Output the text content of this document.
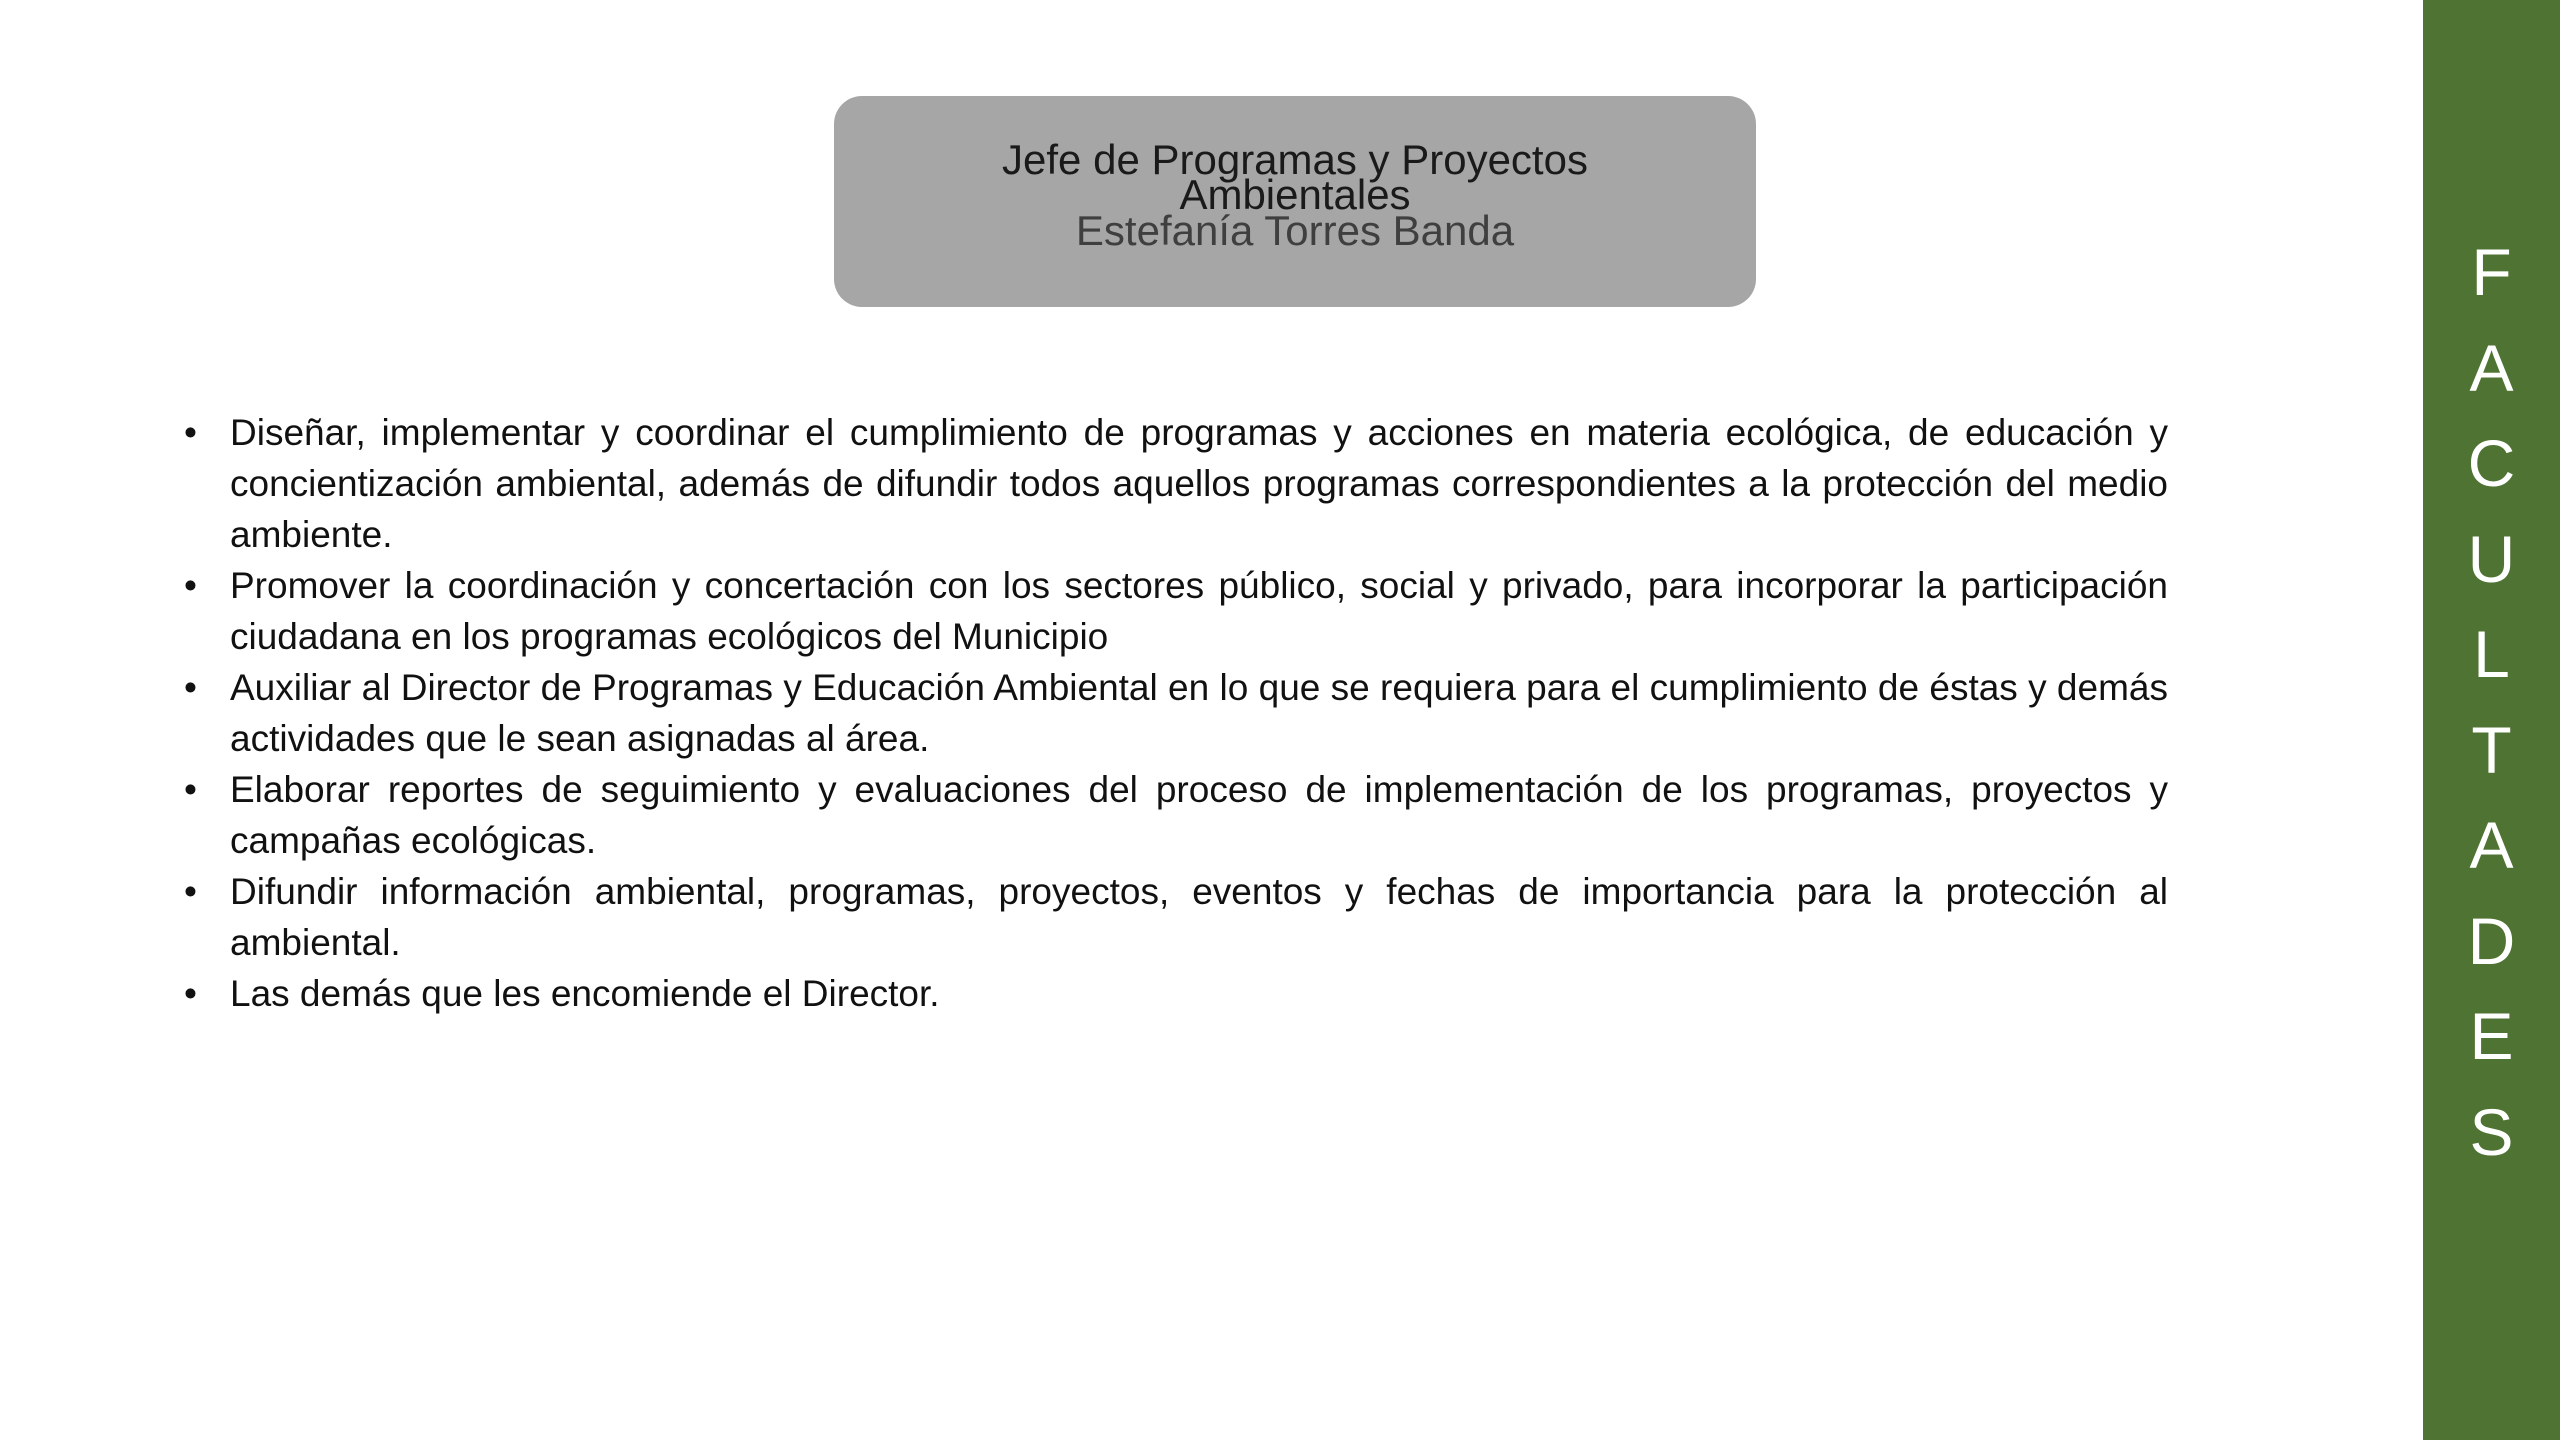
Jefe de Programas y Proyectos
Ambientales
Estefanía Torres Banda
• Diseñar, implementar y coordinar el cumplimiento de programas y acciones en materia ecológica, de educación y concientización ambiental, además de difundir todos aquellos programas correspondientes a la protección del medio ambiente.
• Promover la coordinación y concertación con los sectores público, social y privado, para incorporar la participación ciudadana en los programas ecológicos del Municipio
• Auxiliar al Director de Programas y Educación Ambiental en lo que se requiera para el cumplimiento de éstas y demás actividades que le sean asignadas al área.
• Elaborar reportes de seguimiento y evaluaciones del proceso de implementación de los programas, proyectos y campañas ecológicas.
• Difundir información ambiental, programas, proyectos, eventos y fechas de importancia para la protección al ambiental.
• Las demás que les encomiende el Director.
F
A
C
U
L
T
A
D
E
S
